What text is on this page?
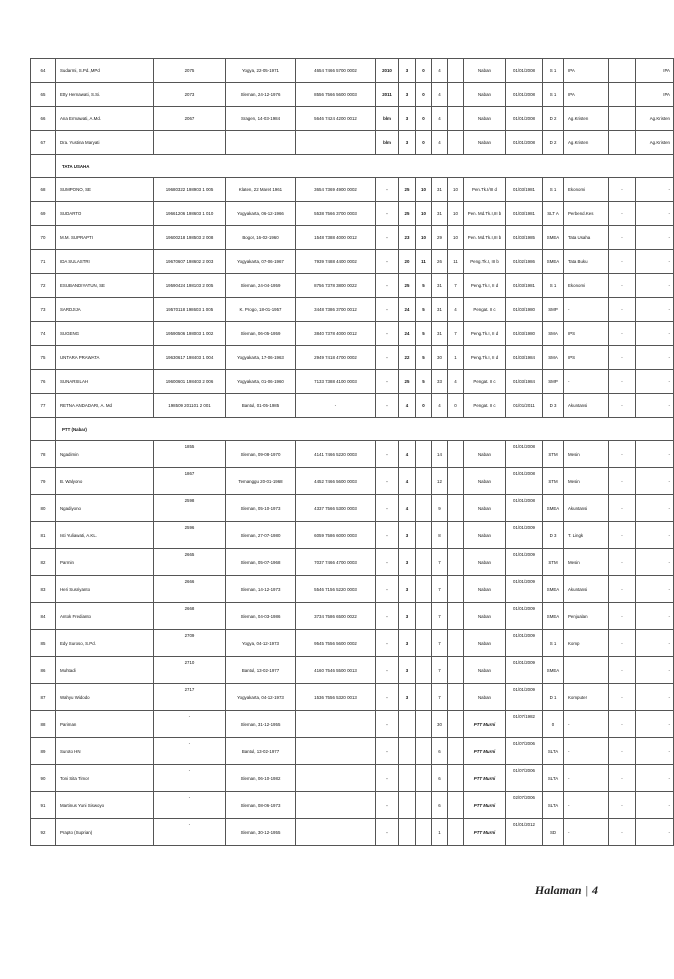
64	Sudarmi, S.Pd.,MPd	2075	Yogya, 22-05-1971	4654 7466 5700 0002	2010	3	0	4		Naban	01/01/2008	S 1	IPA		IPA
65	Etty Hernawati, S.Si.	2073	Sleman, 24-12-1976	8556 7566 5600 0003	2011	3	0	4		Naban	01/01/2008	S 1	IPA		IPA
66	Ana Ermawati, A.Md.	2067	Sragen, 14-03-1984	5646 7424 4200 0012	blm	3	0	4		Naban	01/01/2008	D 2	Ag.Kristen		Ag.Kristen
67	Dra. Yustina Maryati				blm	3	0	4		Naban	01/01/2008	D 2	Ag.Kristen		Ag.Kristen
	TATA USAHA														
68	SUMPONO, SE	19680322 198903 1 005	Klaten, 22 Maret 1961	3654 7369 4900 0002	-	25	10	31	10	Pen.Tk.I/III d	01/03/1981	S 1	Ekonomi	-	-
69	SUDARTO	19661206 198603 1 010	Yogyakarta, 06-12-1966	5538 7566 3700 0003	-	25	10	31	10	Pen. Md.Tk.I,III b	01/03/1981	SLT A	Perbend.Kes	-	-
70	M.M. SUPRAPTI	19600218 198503 2 008	Bogor, 16-02-1960	1548 7388 4000 0012	-	23	10	29	10	Pen. Md.Tk.I,III b	01/03/1985	SMEA	Tata Usaha	-	-
71	IDA SULASTRI	19670607 198602 2 003	Yogyakarta, 07-06-1967	7939 7488 4400 0002	-	20	11	26	11	Peng.Tk.I, III b	01/02/1986	SMEA	Tata Buku	-	-
72	ESUBANDIYATUN, SE	19590424 198103 2 005	Sleman, 24-04-1959	8756 7378 3800 0022	-	25	5	31	7	Peng.Tk.I, II d	01/03/1981	S 1	Ekonomi	-	-
73	SARDJIJA	19570118 198603 1 005	K. Progo, 18-01-1957	3448 7386 3700 0012	-	24	5	31	4	Pengat. II c	01/03/1980	SMP	-	-	-
74	SUGENG	19590506 198003 1 002	Sleman, 06-05-1959	3840 7378 4000 0012	-	24	5	31	7	Peng.Tk.I, II d	01/03/1980	SMA	IPS	-	-
75	UNTARA PRAWATA	19630617 198403 1 004	Yogyakarta, 17-06-1963	2949 7418 4700 0002	-	22	5	30	1	Peng.Tk.I, II d	01/03/1984	SMA	IPS	-	-
76	SUNARSILAH	19600601 198403 2 006	Yogyakarta, 01-06-1960	7133 7388 4100 0003	-	25	5	33	4	Pengat. II c	01/03/1984	SMP	-	-	-
77	RETNA ANDADARI, A. Md	198509 201101 2 001	Bantul, 01-05-1985	-	-	4	0	4	0	Pengat. II c	01/01/2011	D 3	Akuntansi	-	-
	PTT (Nabar)														
78	Ngadimin	1855	Sleman, 09-08-1970	4141 7466 5220 0003	-	4		14		Naban	01/01/2008	STM	Mesin	-	-
79	B. Walyono	1867	Temanggu 20-01-1968	4452 7466 5600 0003	-	4		12		Naban	01/01/2008	STM	Mesin	-	-
80	Ngadiyono	2598	Sleman, 05-10-1973	4337 7566 5300 0003	-	4		9		Naban	01/01/2008	SMEA	Akuntansi	-	-
81	Isti Yuliawati, A.KL.	2596	Sleman, 27-07-1980	6059 7586 6000 0003	-	3		8		Naban	01/01/2009	D 3	T. Lingk	-	-
82	Parmin	2665	Sleman, 05-07-1968	7037 7466 4700 0003	-	3		7		Naban	01/01/2009	STM	Mesin	-	-
83	Heri Susriyanto	2666	Sleman, 14-12-1973	5546 7156 5220 0003	-	3		7		Naban	01/01/2009	SMEA	Akuntansi	-	-
84	Antok Fredianto	2668	Sleman, 04-03-1986	3734 7586 6500 0022	-	3		7		Naban	01/01/2009	SMEA	Penjualan	-	-
85	Edy Suroso, S.Pd.	2709	Yogya, 04-12-1973	9545 7556 5600 0002	-	3		7		Naban	01/01/2009	S 1	Komp	-	-
86	Muhtadi	2710	Bantul, 13-02-1977	4160 7546 5500 0013	-	3		7		Naban	01/01/2009	SMEA		-	-
87	Wahyu Widodo	2717	Yogyakarta, 04-12-1973	1536 7556 5320 0013	-	3		7		Naban	01/01/2009	D 1	Komputer	-	-
88	Pariman	-	Sleman, 31-12-1955		-			30		PTT Murni	01/07/1982	0	-	-	-
89	Suroto HN	-	Bantul, 13-02-1977		-			6		PTT Murni	01/07/2006	SLTA	-	-	-
90	Toni Sita Timor	-	Sleman, 06-10-1982		-			6		PTT Murni	01/07/2006	SLTA	-	-	-
91	Martinus Yuni Siswoyo	-	Sleman, 08-06-1973		-			6		PTT Murni	02/07/2006	SLTA	-	-	-
92	Prapto (Suprian)	-	Sleman, 30-12-1955		-			1		PTT Murni	01/01/2012	SD	-	-	-
Halaman | 4
